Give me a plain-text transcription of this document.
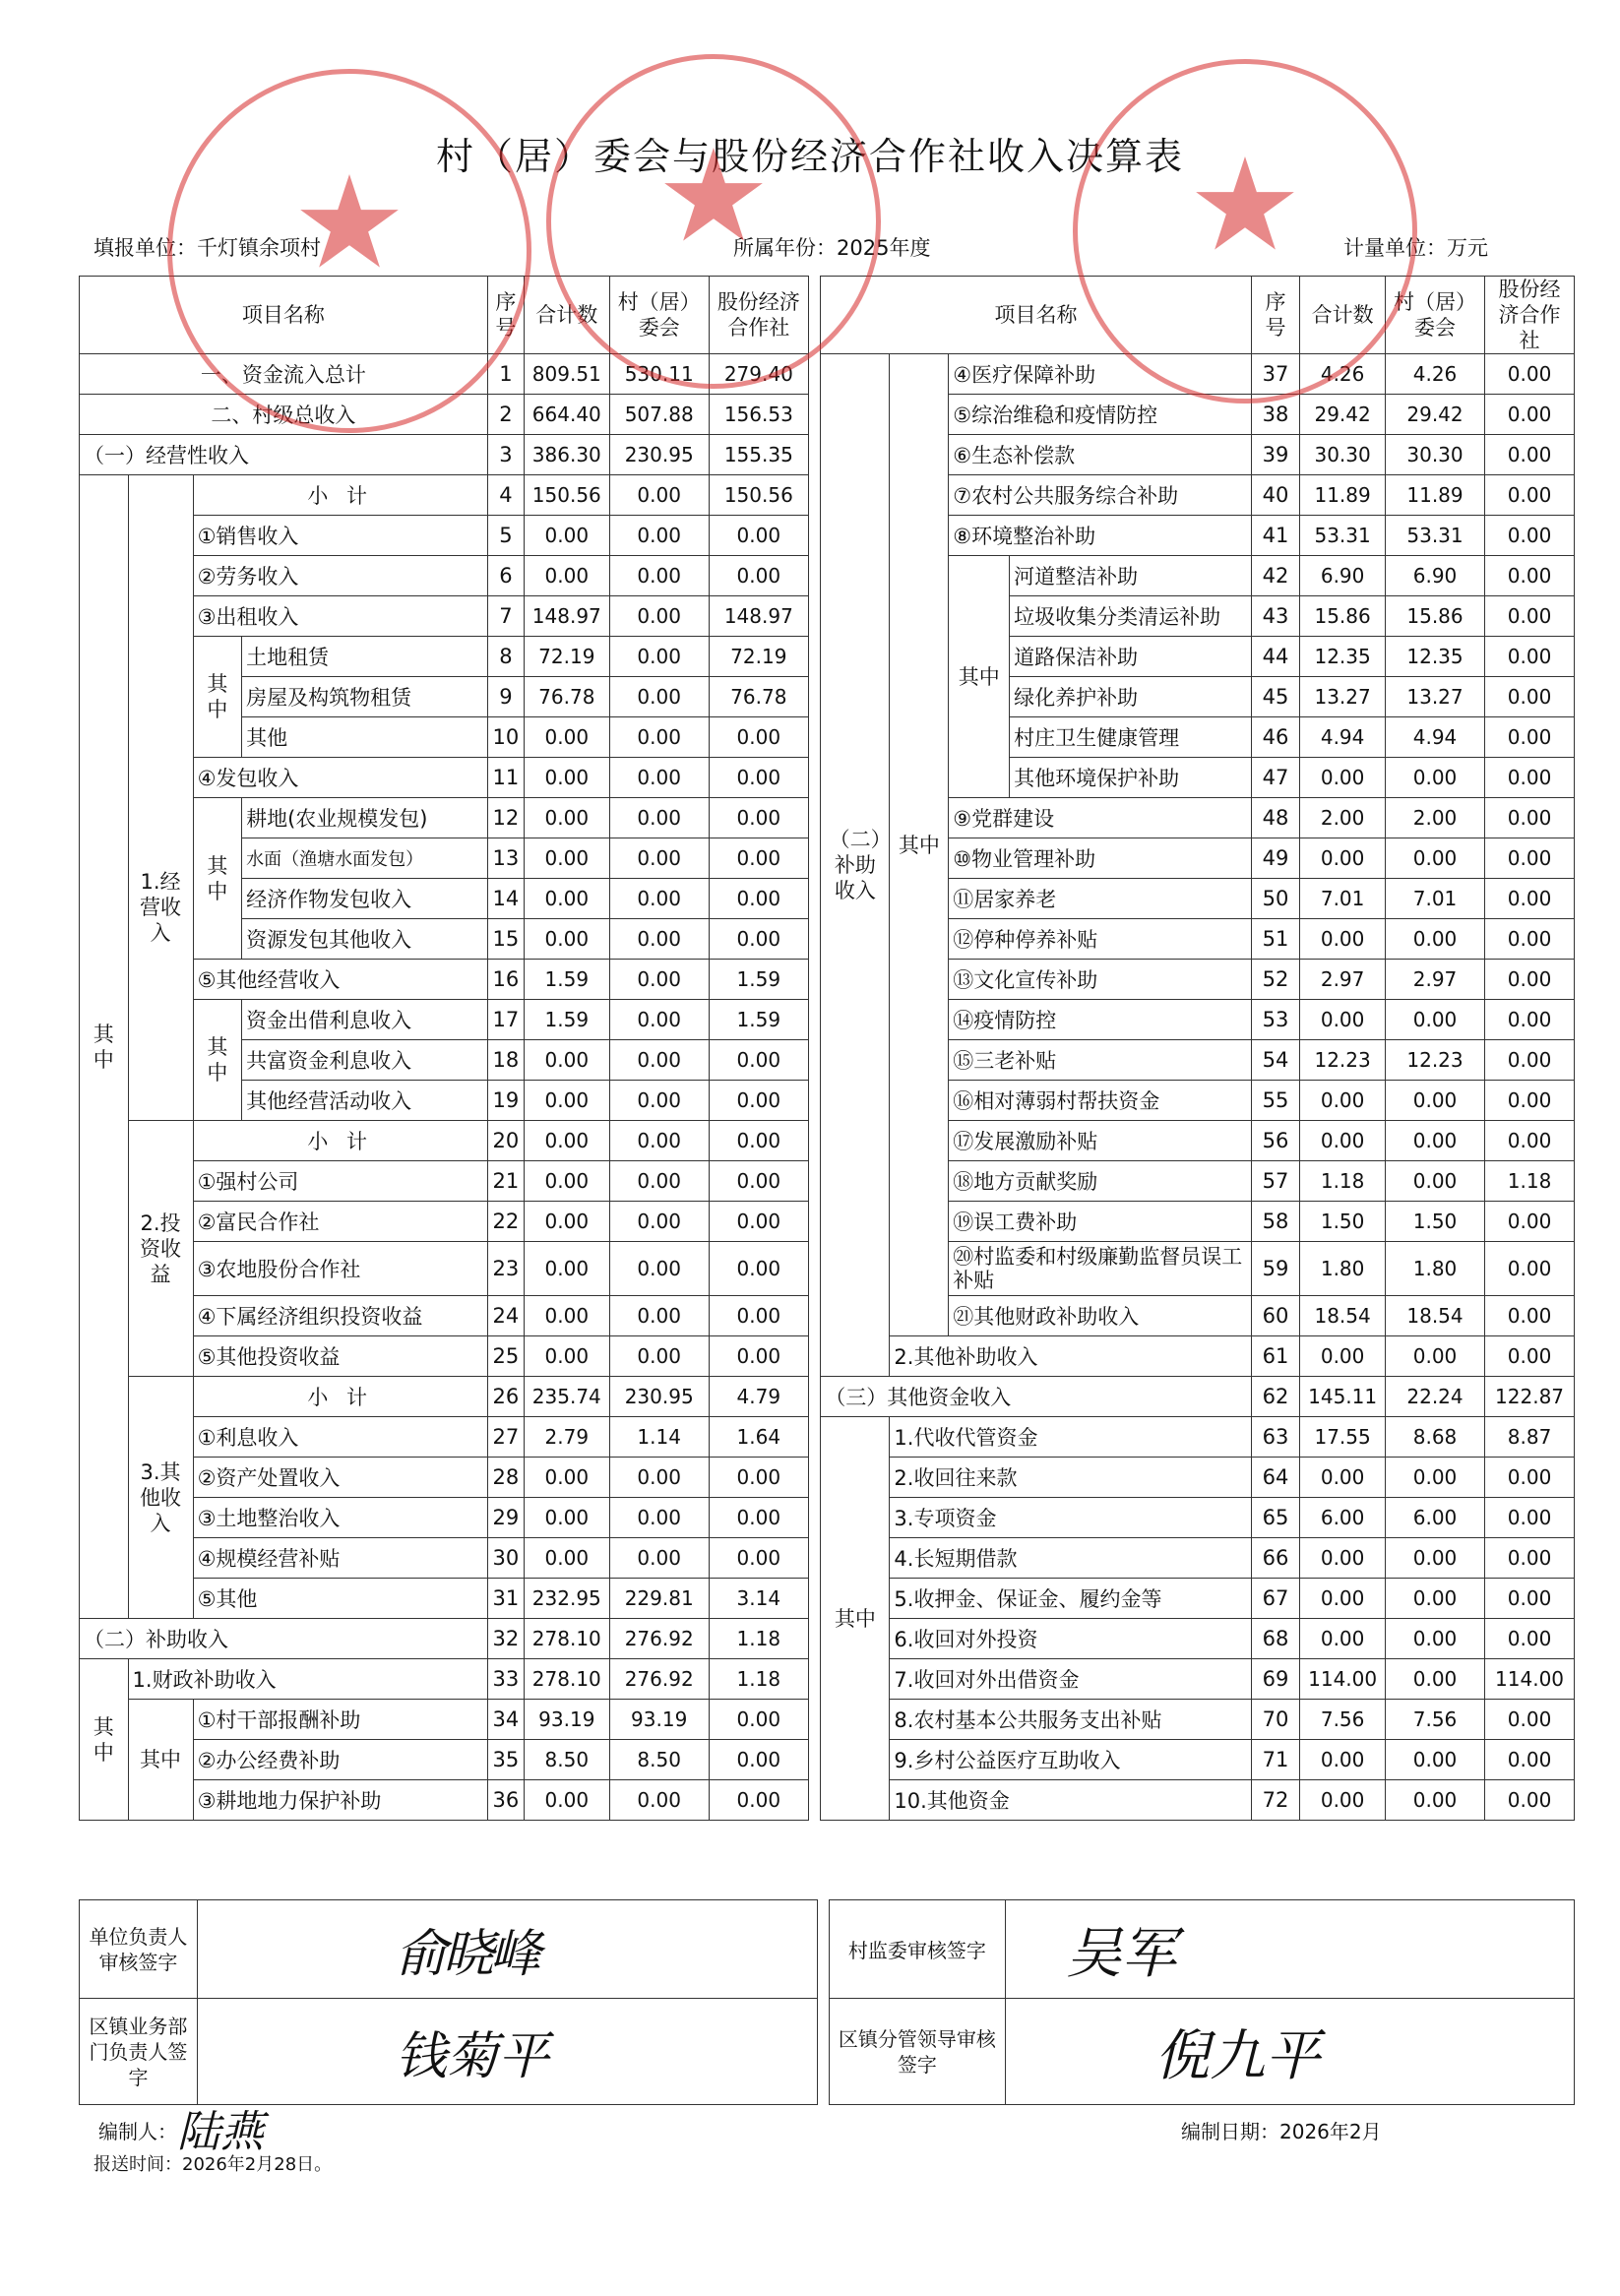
村（居）委会与股份经济合作社收入决算表
填报单位：千灯镇余项村	所属年份：2025年度	计量单位：万元
项目名称				序号	合计数	村（居）委会	股份经济合作社		项目名称				序号	合计数	村（居）委会	股份经济合作社
一、资金流入总计				1	809.51	530.11	279.40		（二）补助收入	其中	④医疗保障补助		37	4.26	4.26	0.00
二、村级总收入				2	664.40	507.88	156.53				⑤综治维稳和疫情防控		38	29.42	29.42	0.00
（一）经营性收入				3	386.30	230.95	155.35				⑥生态补偿款		39	30.30	30.30	0.00
其中	1.经营收入	小 计		4	150.56	0.00	150.56				⑦农村公共服务综合补助		40	11.89	11.89	0.00
		①销售收入		5	0.00	0.00	0.00				⑧环境整治补助		41	53.31	53.31	0.00
		②劳务收入		6	0.00	0.00	0.00				其中	河道整洁补助	42	6.90	6.90	0.00
		③出租收入		7	148.97	0.00	148.97					垃圾收集分类清运补助	43	15.86	15.86	0.00
		其中	土地租赁	8	72.19	0.00	72.19					道路保洁补助	44	12.35	12.35	0.00
			房屋及构筑物租赁	9	76.78	0.00	76.78					绿化养护补助	45	13.27	13.27	0.00
			其他	10	0.00	0.00	0.00					村庄卫生健康管理	46	4.94	4.94	0.00
		④发包收入		11	0.00	0.00	0.00					其他环境保护补助	47	0.00	0.00	0.00
		其中	耕地(农业规模发包)	12	0.00	0.00	0.00				⑨党群建设		48	2.00	2.00	0.00
			水面（渔塘水面发包）	13	0.00	0.00	0.00				⑩物业管理补助		49	0.00	0.00	0.00
			经济作物发包收入	14	0.00	0.00	0.00				⑪居家养老		50	7.01	7.01	0.00
			资源发包其他收入	15	0.00	0.00	0.00				⑫停种停养补贴		51	0.00	0.00	0.00
		⑤其他经营收入		16	1.59	0.00	1.59				⑬文化宣传补助		52	2.97	2.97	0.00
		其中	资金出借利息收入	17	1.59	0.00	1.59				⑭疫情防控		53	0.00	0.00	0.00
			共富资金利息收入	18	0.00	0.00	0.00				⑮三老补贴		54	12.23	12.23	0.00
			其他经营活动收入	19	0.00	0.00	0.00				⑯相对薄弱村帮扶资金		55	0.00	0.00	0.00
	2.投资收益	小 计		20	0.00	0.00	0.00				⑰发展激励补贴		56	0.00	0.00	0.00
		①强村公司		21	0.00	0.00	0.00				⑱地方贡献奖励		57	1.18	0.00	1.18
		②富民合作社		22	0.00	0.00	0.00				⑲误工费补助		58	1.50	1.50	0.00
		③农地股份合作社		23	0.00	0.00	0.00				⑳村监委和村级廉勤监督员误工补贴		59	1.80	1.80	0.00
		④下属经济组织投资收益		24	0.00	0.00	0.00				㉑其他财政补助收入		60	18.54	18.54	0.00
		⑤其他投资收益		25	0.00	0.00	0.00			2.其他补助收入			61	0.00	0.00	0.00
	3.其他收入	小 计		26	235.74	230.95	4.79		（三）其他资金收入				62	145.11	22.24	122.87
		①利息收入		27	2.79	1.14	1.64		其中	1.代收代管资金			63	17.55	8.68	8.87
		②资产处置收入		28	0.00	0.00	0.00			2.收回往来款			64	0.00	0.00	0.00
		③土地整治收入		29	0.00	0.00	0.00			3.专项资金			65	6.00	6.00	0.00
		④规模经营补贴		30	0.00	0.00	0.00			4.长短期借款			66	0.00	0.00	0.00
		⑤其他		31	232.95	229.81	3.14			5.收押金、保证金、履约金等			67	0.00	0.00	0.00
（二）补助收入				32	278.10	276.92	1.18			6.收回对外投资			68	0.00	0.00	0.00
其中	1.财政补助收入			33	278.10	276.92	1.18			7.收回对外出借资金			69	114.00	0.00	114.00
	其中	①村干部报酬补助		34	93.19	93.19	0.00			8.农村基本公共服务支出补贴			70	7.56	7.56	0.00
		②办公经费补助		35	8.50	8.50	0.00			9.乡村公益医疗互助收入			71	0.00	0.00	0.00
		③耕地地力保护补助		36	0.00	0.00	0.00			10.其他资金			72	0.00	0.00	0.00
单位负责人审核签字	俞晓峰		村监委审核签字	吴军
区镇业务部门负责人签字	钱菊平		区镇分管领导审核签字	倪九平
编制人： 陆燕	编制日期：2026年2月
报送时间：2026年2月28日。
★ ★	★
